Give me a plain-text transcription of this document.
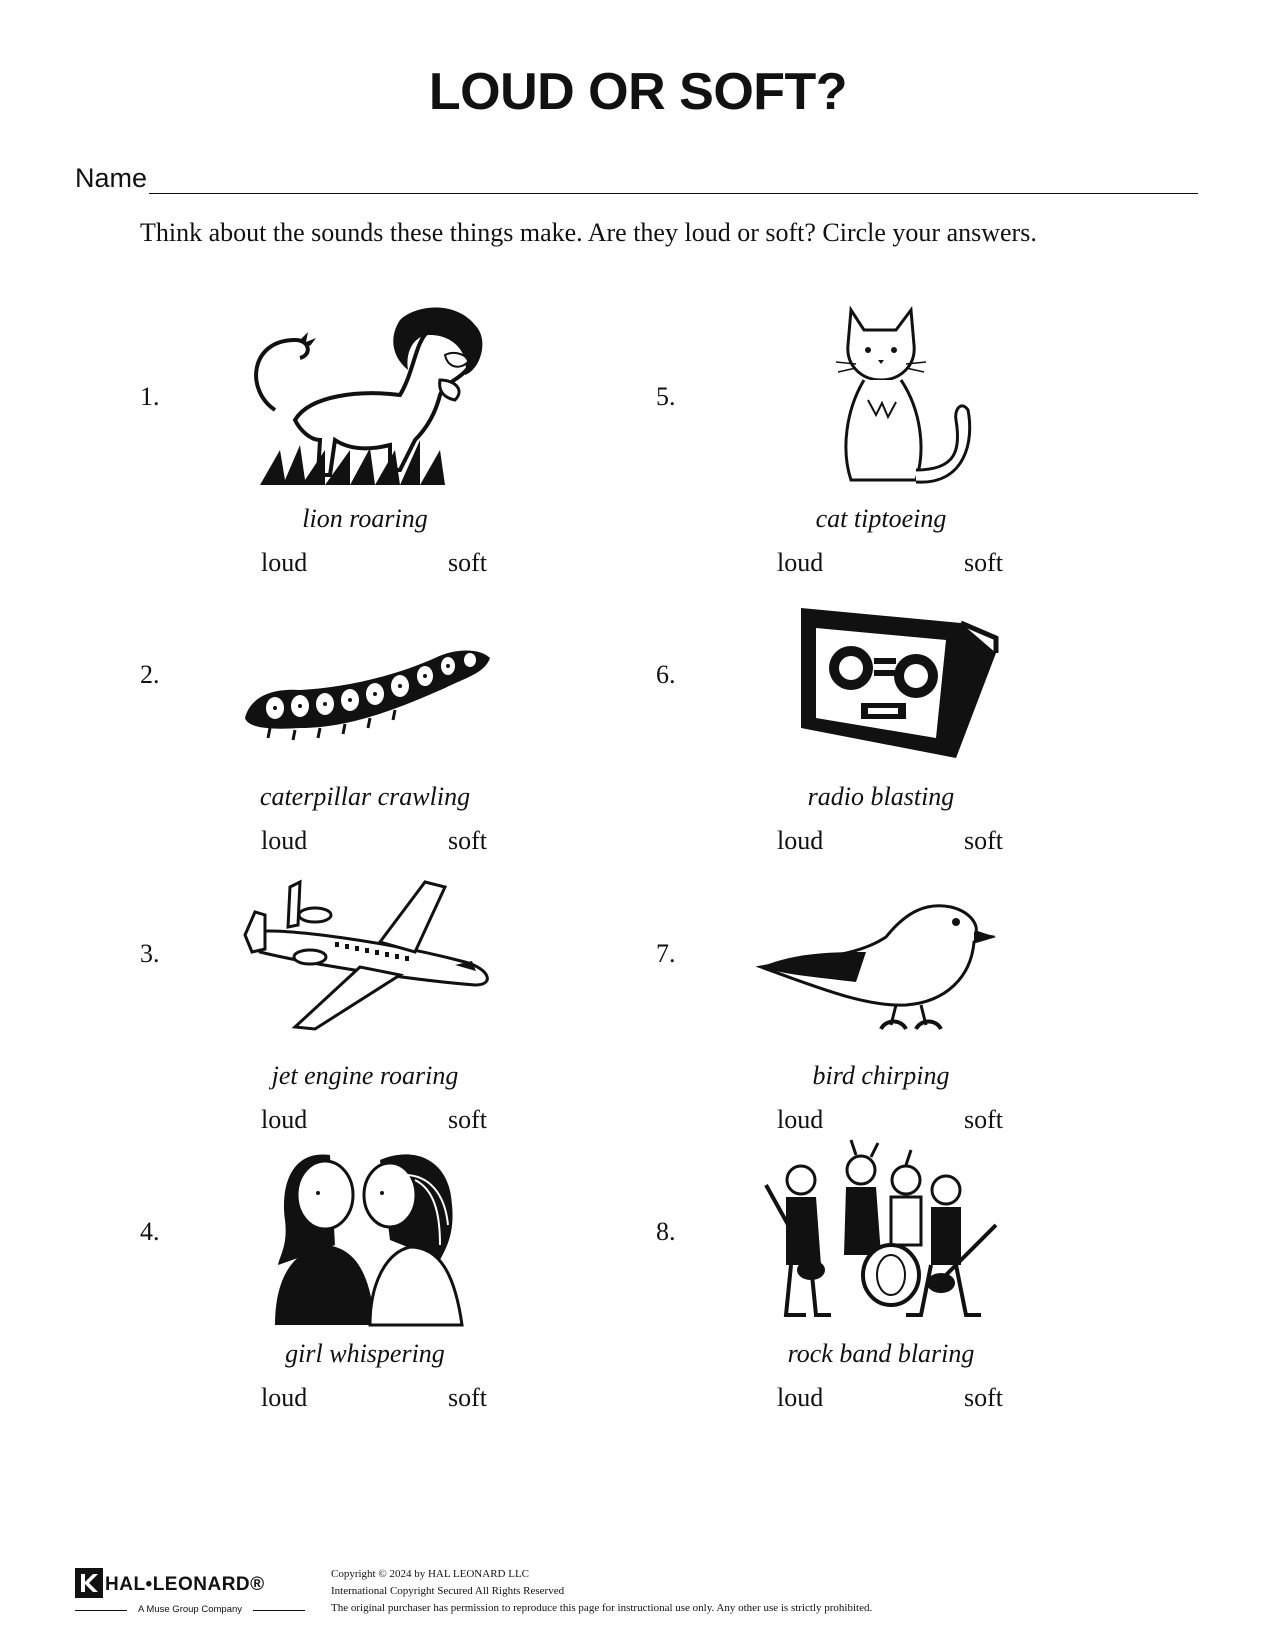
LOUD OR SOFT?
Name
Think about the sounds these things make. Are they loud or soft? Circle your answers.
1.
lion roaring
loud	soft
2.
caterpillar crawling
loud	soft
3.
jet engine roaring
loud	soft
4.
girl whispering
loud	soft
5.
cat tiptoeing
loud	soft
6.
radio blasting
loud	soft
7.
bird chirping
loud	soft
8.
rock band blaring
loud	soft
HAL•LEONARD®
A Muse Group Company
Copyright © 2024 by HAL LEONARD LLC
International Copyright Secured All Rights Reserved
The original purchaser has permission to reproduce this page for instructional use only. Any other use is strictly prohibited.
